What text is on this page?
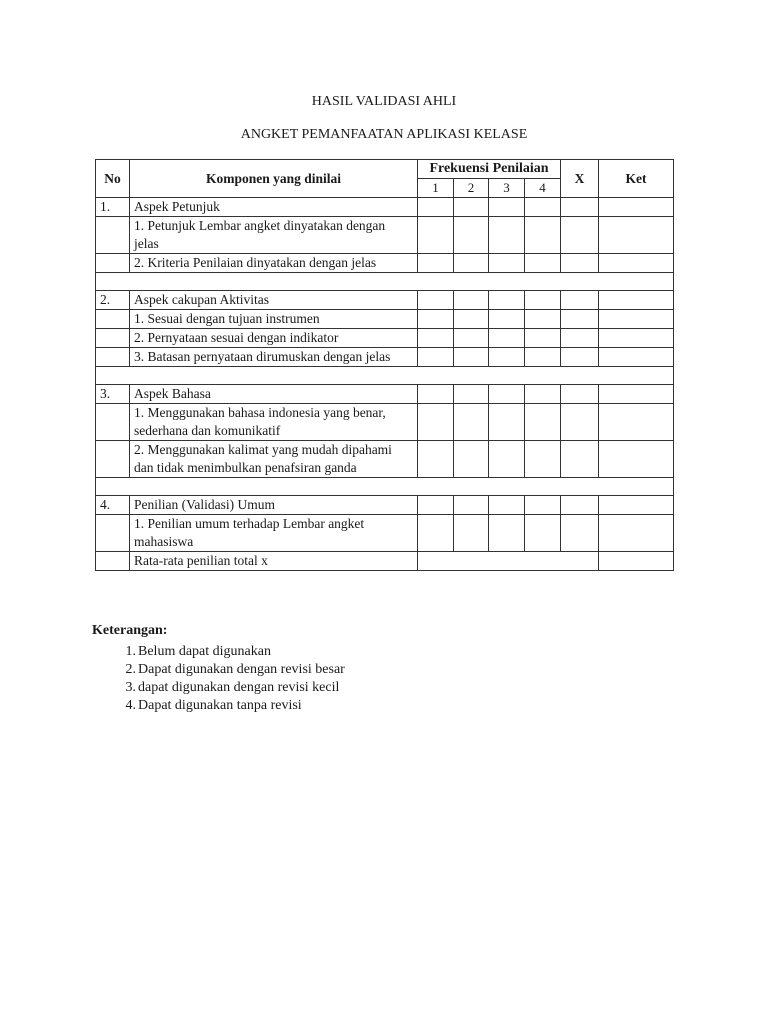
HASIL VALIDASI AHLI
ANGKET PEMANFAATAN APLIKASI KELASE
No	Komponen yang dinilai	Frekuensi Penilaian				X	Ket
		1	2	3	4		
1.	Aspek Petunjuk						
	1. Petunjuk Lembar angket dinyatakan dengan jelas						
	2. Kriteria Penilaian dinyatakan dengan jelas						

2.	Aspek cakupan Aktivitas						
	1. Sesuai dengan tujuan instrumen						
	2. Pernyataan sesuai dengan indikator						
	3. Batasan pernyataan dirumuskan dengan jelas						

3.	Aspek Bahasa						
	1. Menggunakan bahasa indonesia yang benar, sederhana dan komunikatif						
	2. Menggunakan kalimat yang mudah dipahami dan tidak menimbulkan penafsiran ganda						

4.	Penilian (Validasi) Umum						
	1. Penilian umum terhadap Lembar angket mahasiswa						
	Rata-rata penilian total x						

Keterangan:

1. Belum dapat digunakan
2. Dapat digunakan dengan revisi besar
3. dapat digunakan dengan revisi kecil
4. Dapat digunakan tanpa revisi
